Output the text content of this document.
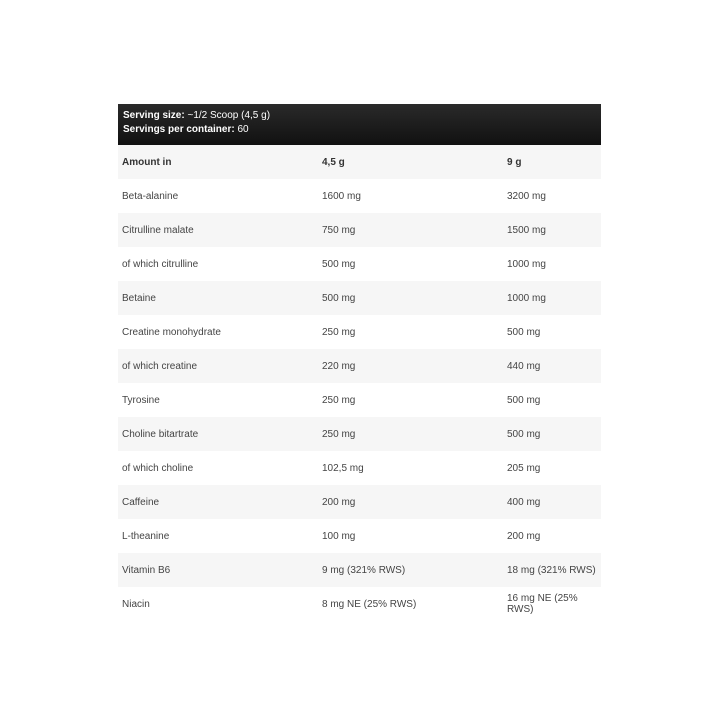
Serving size: ~1/2 Scoop (4,5 g)
Servings per container: 60
Amount in	4,5 g	9 g
Beta-alanine	1600 mg	3200 mg
Citrulline malate	750 mg	1500 mg
of which citrulline	500 mg	1000 mg
Betaine	500 mg	1000 mg
Creatine monohydrate	250 mg	500 mg
of which creatine	220 mg	440 mg
Tyrosine	250 mg	500 mg
Choline bitartrate	250 mg	500 mg
of which choline	102,5 mg	205 mg
Caffeine	200 mg	400 mg
L-theanine	100 mg	200 mg
Vitamin B6	9 mg (321% RWS)	18 mg (321% RWS)
Niacin	8 mg NE (25% RWS)	16 mg NE (25% RWS)
